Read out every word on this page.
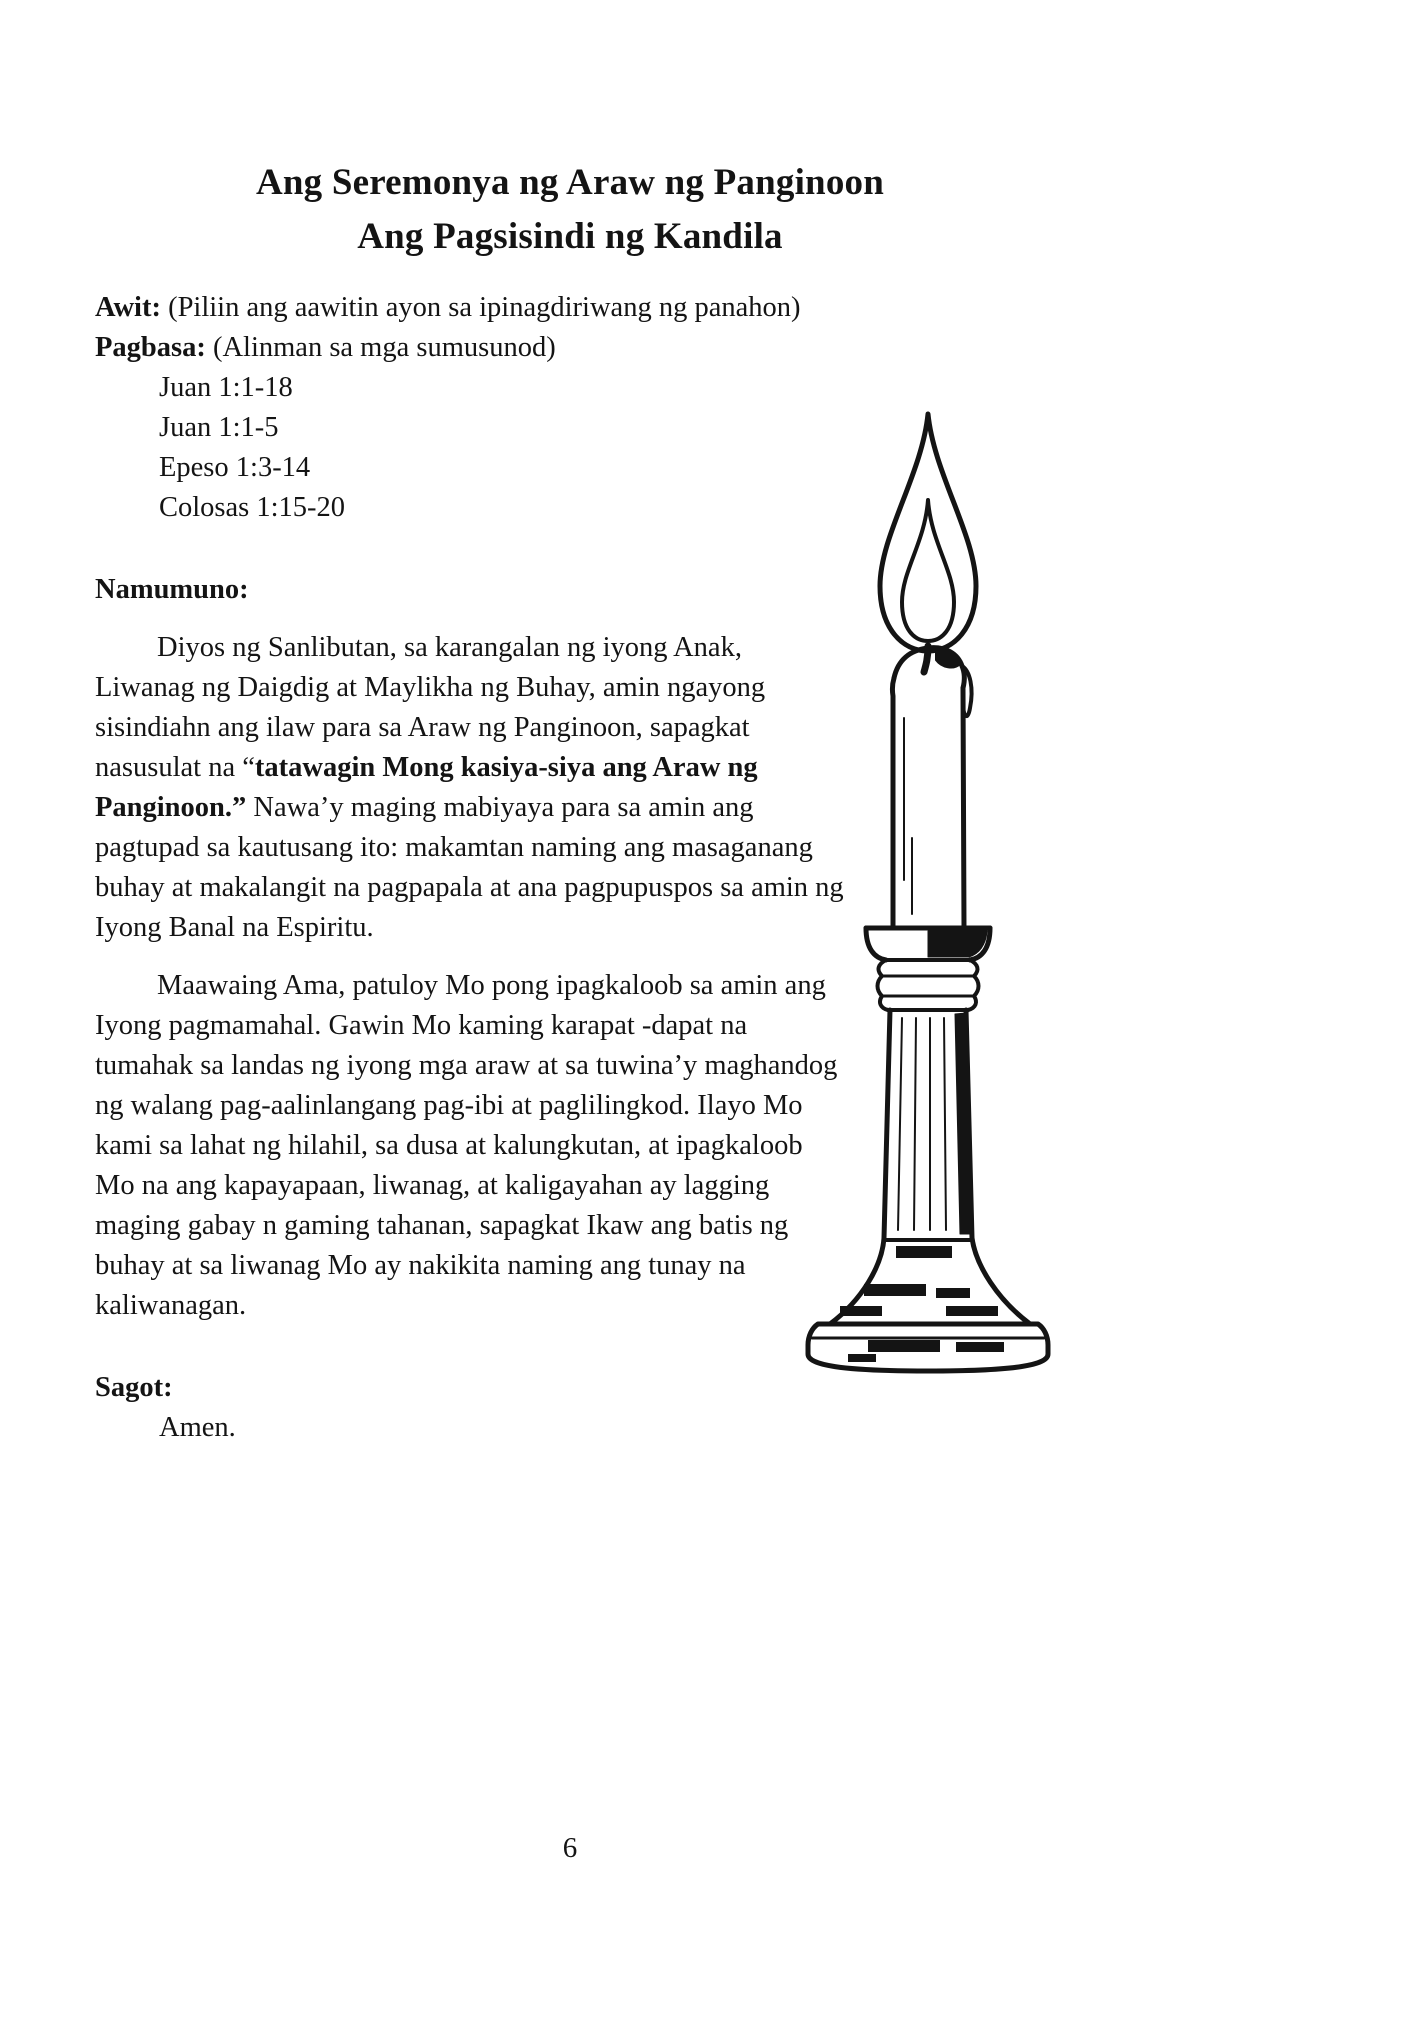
Ang Seremonya ng Araw ng Panginoon
Ang Pagsisindi ng Kandila

Awit: (Piliin ang aawitin ayon sa ipinagdiriwang ng panahon)

Pagbasa: (Alinman sa mga sumusunod)

Juan 1:1-18
Juan 1:1-5
Epeso 1:3-14
Colosas 1:15-20

Namumuno:

Diyos ng Sanlibutan, sa karangalan ng iyong Anak, Liwanag ng Daigdig at Maylikha ng Buhay, amin ngayong sisindiahn ang ilaw para sa Araw ng Panginoon, sapagkat nasusulat na “tatawagin Mong kasiya-siya ang Araw ng Panginoon.” Nawa’y maging mabiyaya para sa amin ang pagtupad sa kautusang ito: makamtan naming ang masaganang buhay at makalangit na pagpapala at ana pagpupuspos sa amin ng Iyong Banal na Espiritu.

Maawaing Ama, patuloy Mo pong ipagkaloob sa amin ang Iyong pagmamahal. Gawin Mo kaming karapat -dapat na tumahak sa landas ng iyong mga araw at sa tuwina’y maghandog ng walang pag-aalinlangang pag-ibi at paglilingkod. Ilayo Mo kami sa lahat ng hilahil, sa dusa at kalungkutan, at ipagkaloob Mo na ang kapayapaan, liwanag, at kaligayahan ay lagging maging gabay n gaming tahanan, sapagkat Ikaw ang batis ng buhay at sa liwanag Mo ay nakikita naming ang tunay na kaliwanagan.

Sagot:

Amen.

6
